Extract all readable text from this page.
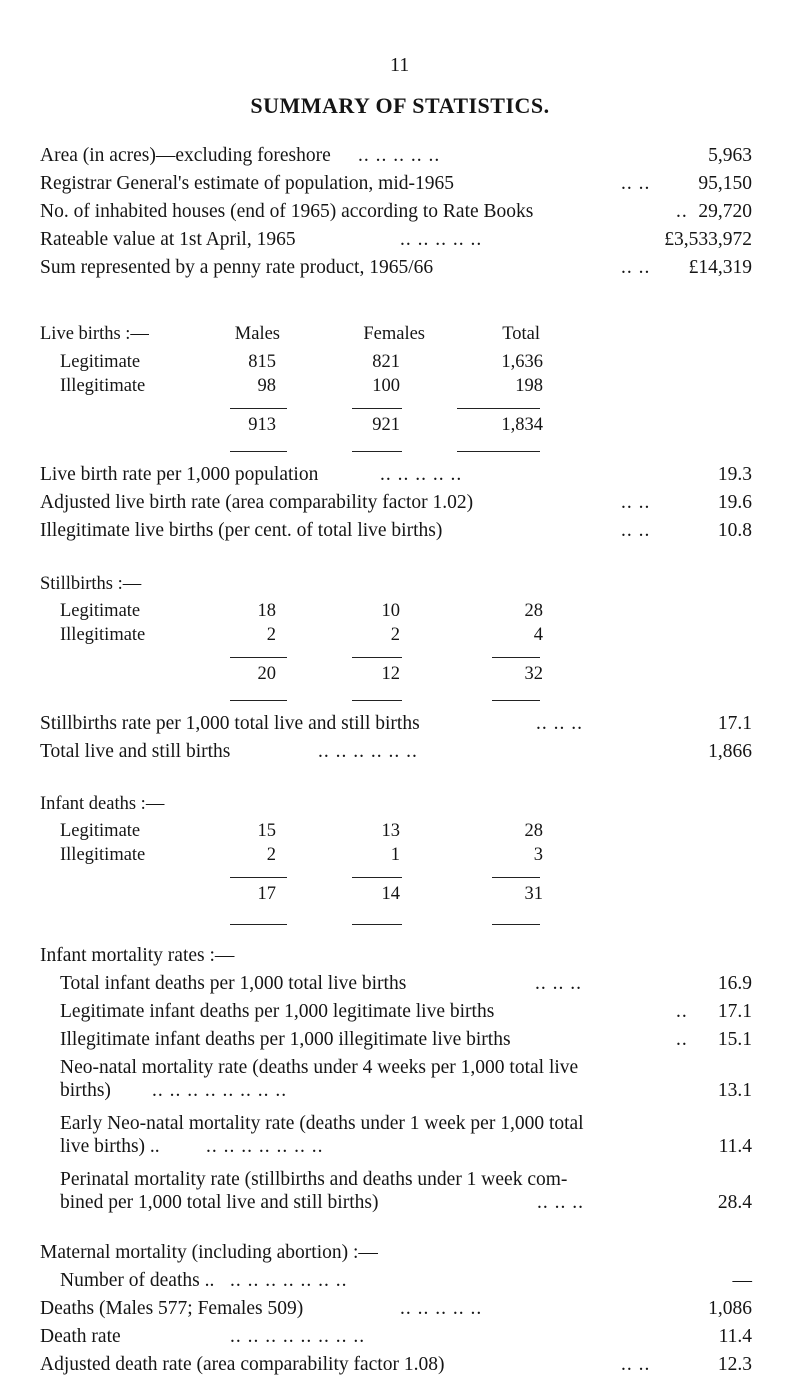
11
SUMMARY OF STATISTICS.
Area (in acres)—excluding foreshore .. .. .. .. ..	5,963
Registrar General's estimate of population, mid-1965	.. .. 95,150
No. of inhabited houses (end of 1965) according to Rate Books	.. 29,720
Rateable value at 1st April, 1965	.. .. .. .. ..	£3,533,972
Sum represented by a penny rate product, 1965/66	.. .. £14,319
Live births :—	Males	Females	Total
Legitimate	815	821	1,636
Illegitimate	98	100	198
913	921	1,834
Live birth rate per 1,000 population	.. .. .. .. ..	19.3
Adjusted live birth rate (area comparability factor 1.02)	.. ..	19.6
Illegitimate live births (per cent. of total live births)	.. ..	10.8
Stillbirths :—
Legitimate	18	10	28
Illegitimate	2	2	4
20	12	32
Stillbirths rate per 1,000 total live and still births	.. .. ..	17.1
Total live and still births	.. .. .. .. .. ..	1,866
Infant deaths :—
Legitimate	15	13	28
Illegitimate	2	1	3
17	14	31
Infant mortality rates :—
Total infant deaths per 1,000 total live births	.. .. ..	16.9
Legitimate infant deaths per 1,000 legitimate live births	.. 17.1
Illegitimate infant deaths per 1,000 illegitimate live births	.. 15.1
Neo-natal mortality rate (deaths under 4 weeks per 1,000 total live
births) .. .. .. .. .. .. .. ..	13.1
Early Neo-natal mortality rate (deaths under 1 week per 1,000 total
live births) .. .. .. .. .. .. .. ..	11.4
Perinatal mortality rate (stillbirths and deaths under 1 week com-
bined per 1,000 total live and still births)	.. .. ..	28.4
Maternal mortality (including abortion) :—
Number of deaths .. .. .. .. .. .. .. ..	—
Deaths (Males 577; Females 509)	.. .. .. .. ..	1,086
Death rate	.. .. .. .. .. .. .. ..	11.4
Adjusted death rate (area comparability factor 1.08)	.. ..	12.3
